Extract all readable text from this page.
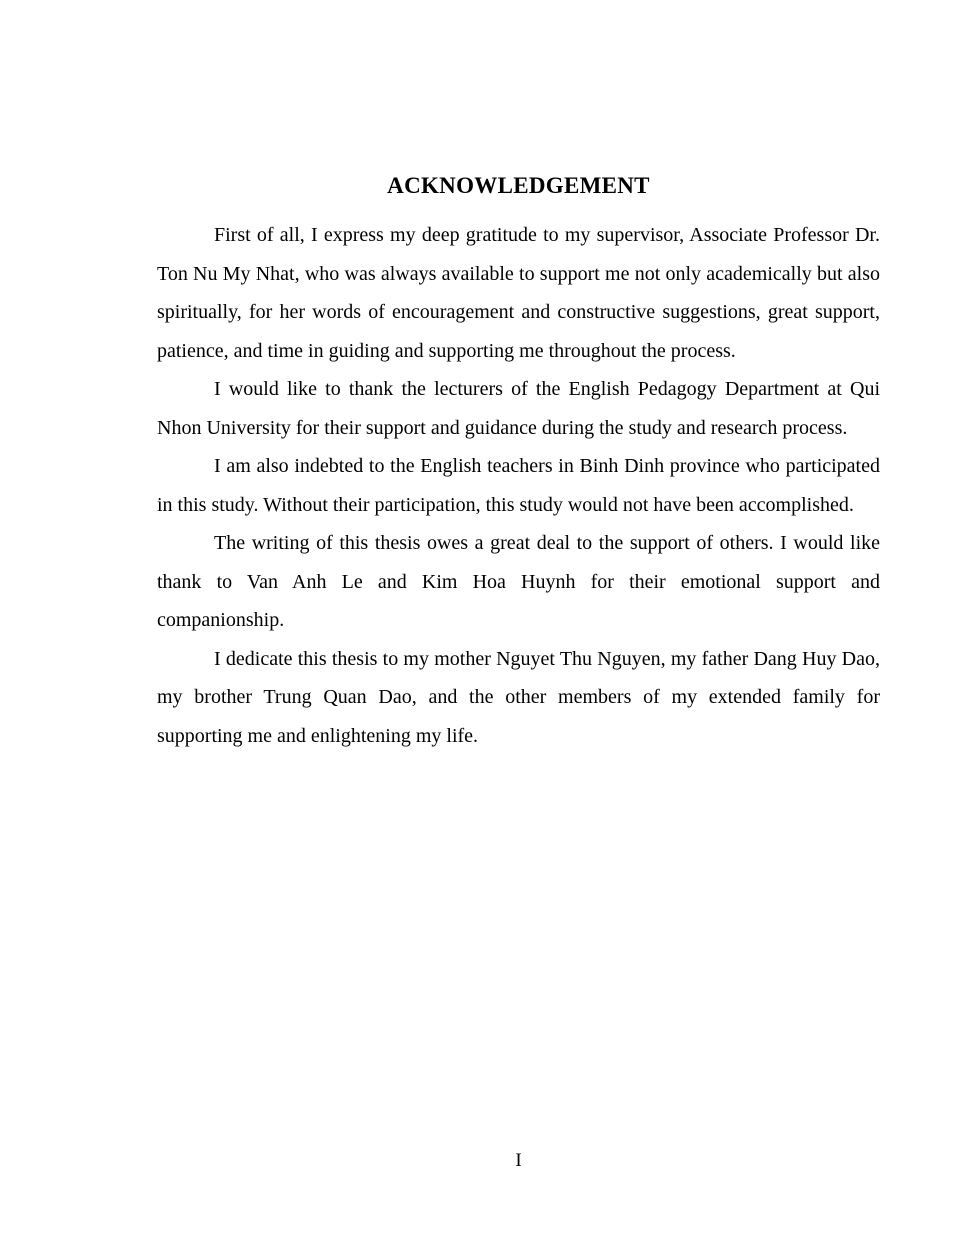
ACKNOWLEDGEMENT

First of all, I express my deep gratitude to my supervisor, Associate Professor Dr. Ton Nu My Nhat, who was always available to support me not only academically but also spiritually, for her words of encouragement and constructive suggestions, great support, patience, and time in guiding and supporting me throughout the process.

I would like to thank the lecturers of the English Pedagogy Department at Qui Nhon University for their support and guidance during the study and research process.

I am also indebted to the English teachers in Binh Dinh province who participated in this study. Without their participation, this study would not have been accomplished.

The writing of this thesis owes a great deal to the support of others. I would like thank to Van Anh Le and Kim Hoa Huynh for their emotional support and companionship.

I dedicate this thesis to my mother Nguyet Thu Nguyen, my father Dang Huy Dao, my brother Trung Quan Dao, and the other members of my extended family for supporting me and enlightening my life.

I
